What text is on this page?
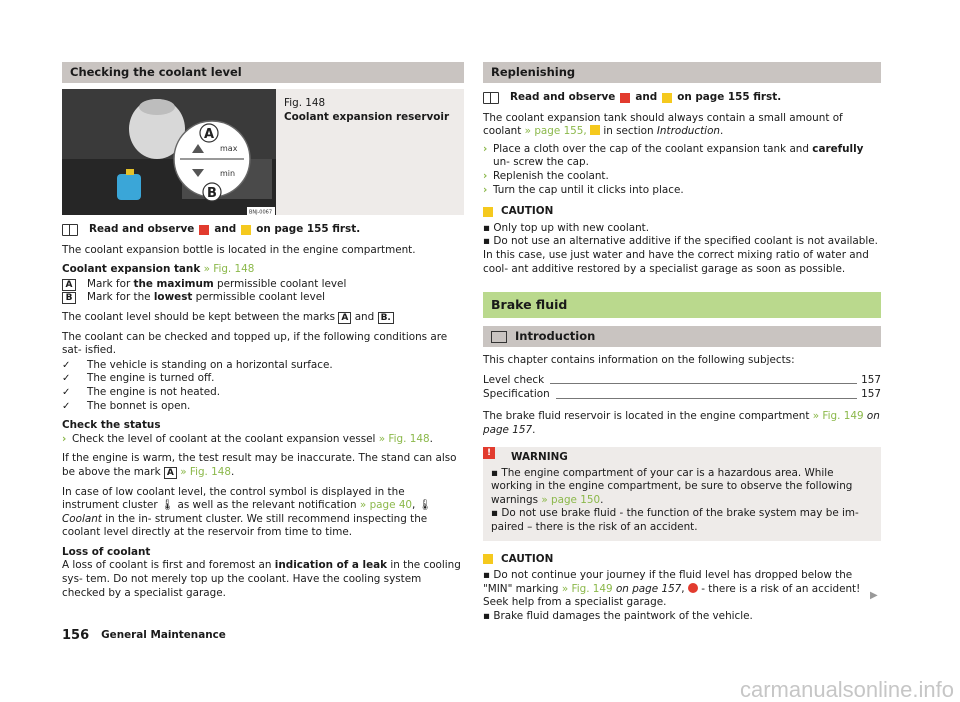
Checking the coolant level
max
min
A
B
BNJ-0067
Fig. 148
Coolant expansion reservoir
Read and observe and on page 155 first.

The coolant expansion bottle is located in the engine compartment.

Coolant expansion tank » Fig. 148
A	Mark for the maximum permissible coolant level
B	Mark for the lowest permissible coolant level

The coolant level should be kept between the marks A and B.

The coolant can be checked and topped up, if the following conditions are sat- isfied.

✓ The vehicle is standing on a horizontal surface.
✓ The engine is turned off.
✓ The engine is not heated.
✓ The bonnet is open.
Check the status
› Check the level of coolant at the coolant expansion vessel » Fig. 148.

If the engine is warm, the test result may be inaccurate. The stand can also be above the mark A » Fig. 148.

In case of low coolant level, the control symbol is displayed in the instrument cluster 🌡 as well as the relevant notification » page 40, 🌡 Coolant in the in- strument cluster. We still recommend inspecting the coolant level directly at the reservoir from time to time.

Loss of coolant

A loss of coolant is first and foremost an indication of a leak in the cooling sys- tem. Do not merely top up the coolant. Have the cooling system checked by a specialist garage.

Replenishing
Read and observe and on page 155 first.

The coolant expansion tank should always contain a small amount of coolant » page 155, in section Introduction.

› Place a cloth over the cap of the coolant expansion tank and carefully un- screw the cap.
› Replenish the coolant.
› Turn the cap until it clicks into place.
CAUTION
▪ Only top up with new coolant.
▪ Do not use an alternative additive if the specified coolant is not available. In this case, use just water and have the correct mixing ratio of water and cool- ant additive restored by a specialist garage as soon as possible.
Brake fluid
Introduction

This chapter contains information on the following subjects:

Level check	157
Specification	157

The brake fluid reservoir is located in the engine compartment » Fig. 149 on page 157.

!	WARNING
▪ The engine compartment of your car is a hazardous area. While working in the engine compartment, be sure to observe the following warnings » page 150.
▪ Do not use brake fluid - the function of the brake system may be im- paired – there is the risk of an accident.
CAUTION
▪ Do not continue your journey if the fluid level has dropped below the "MIN" marking » Fig. 149 on page 157,  - there is a risk of an accident! Seek help from a specialist garage.
▪ Brake fluid damages the paintwork of the vehicle.
▶
156 General Maintenance
carmanualsonline.info
